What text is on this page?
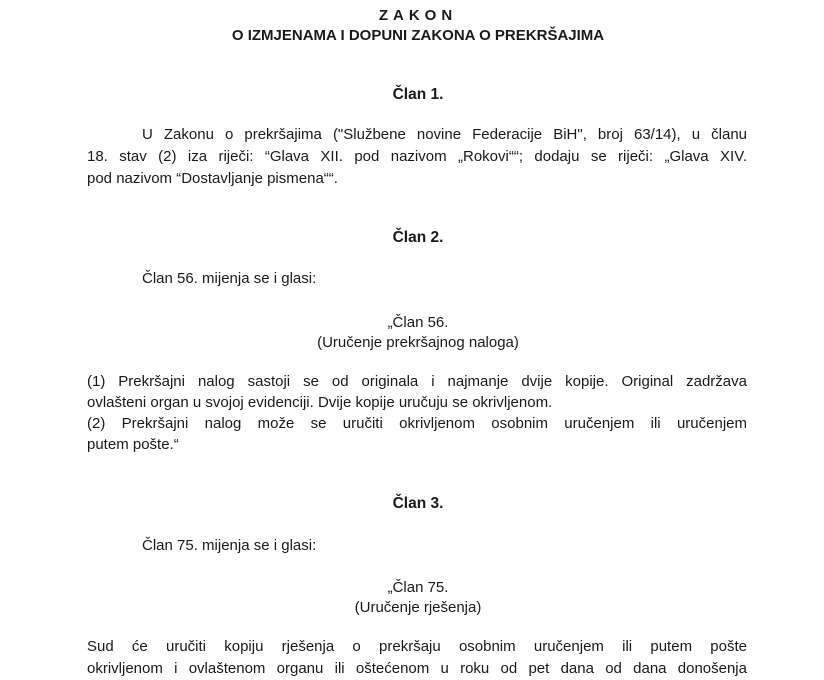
ZAKON
O IZMJENAMA I DOPUNI ZAKONA O PREKRŠAJIMA
Član 1.
U Zakonu o prekršajima ("Službene novine Federacije BiH", broj 63/14), u članu
18. stav (2) iza riječi: “Glava XII. pod nazivom „Rokovi““; dodaju se riječi: „Glava XIV.
pod nazivom “Dostavljanje pismena““.
Član 2.
Član 56. mijenja se i glasi:
„Član 56.
(Uručenje prekršajnog naloga)
(1) Prekršajni nalog sastoji se od originala i najmanje dvije kopije. Original zadržava
ovlašteni organ u svojoj evidenciji. Dvije kopije uručuju se okrivljenom.
(2) Prekršajni nalog može se uručiti okrivljenom osobnim uručenjem ili uručenjem
putem pošte.“
Član 3.
Član 75. mijenja se i glasi:
„Član 75.
(Uručenje rješenja)
Sud će uručiti kopiju rješenja o prekršaju osobnim uručenjem ili putem pošte
okrivljenom i ovlaštenom organu ili oštećenom u roku od pet dana od dana donošenja
